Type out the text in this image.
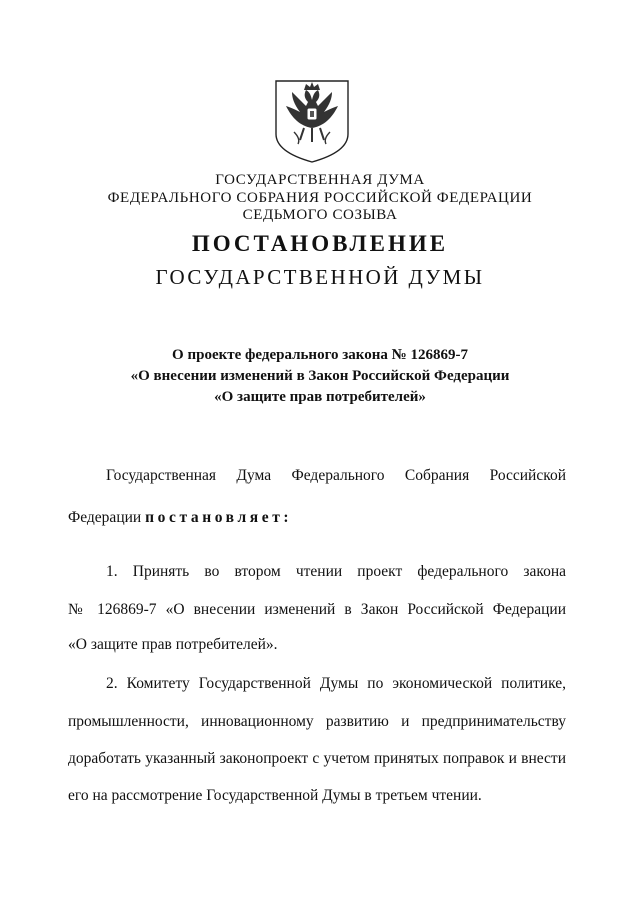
ГОСУДАРСТВЕННАЯ ДУМА
ФЕДЕРАЛЬНОГО СОБРАНИЯ РОССИЙСКОЙ ФЕДЕРАЦИИ
СЕДЬМОГО СОЗЫВА
ПОСТАНОВЛЕНИЕ
ГОСУДАРСТВЕННОЙ ДУМЫ
О проекте федерального закона № 126869-7
«О внесении изменений в Закон Российской Федерации
«О защите прав потребителей»
Государственная Дума Федерального Собрания Российской
Федерации постановляет:
1. Принять во втором чтении проект федерального закона
№ 126869-7 «О внесении изменений в Закон Российской Федерации
«О защите прав потребителей».
2. Комитету Государственной Думы по экономической политике,
промышленности, инновационному развитию и предпринимательству
доработать указанный законопроект с учетом принятых поправок и внести
его на рассмотрение Государственной Думы в третьем чтении.
